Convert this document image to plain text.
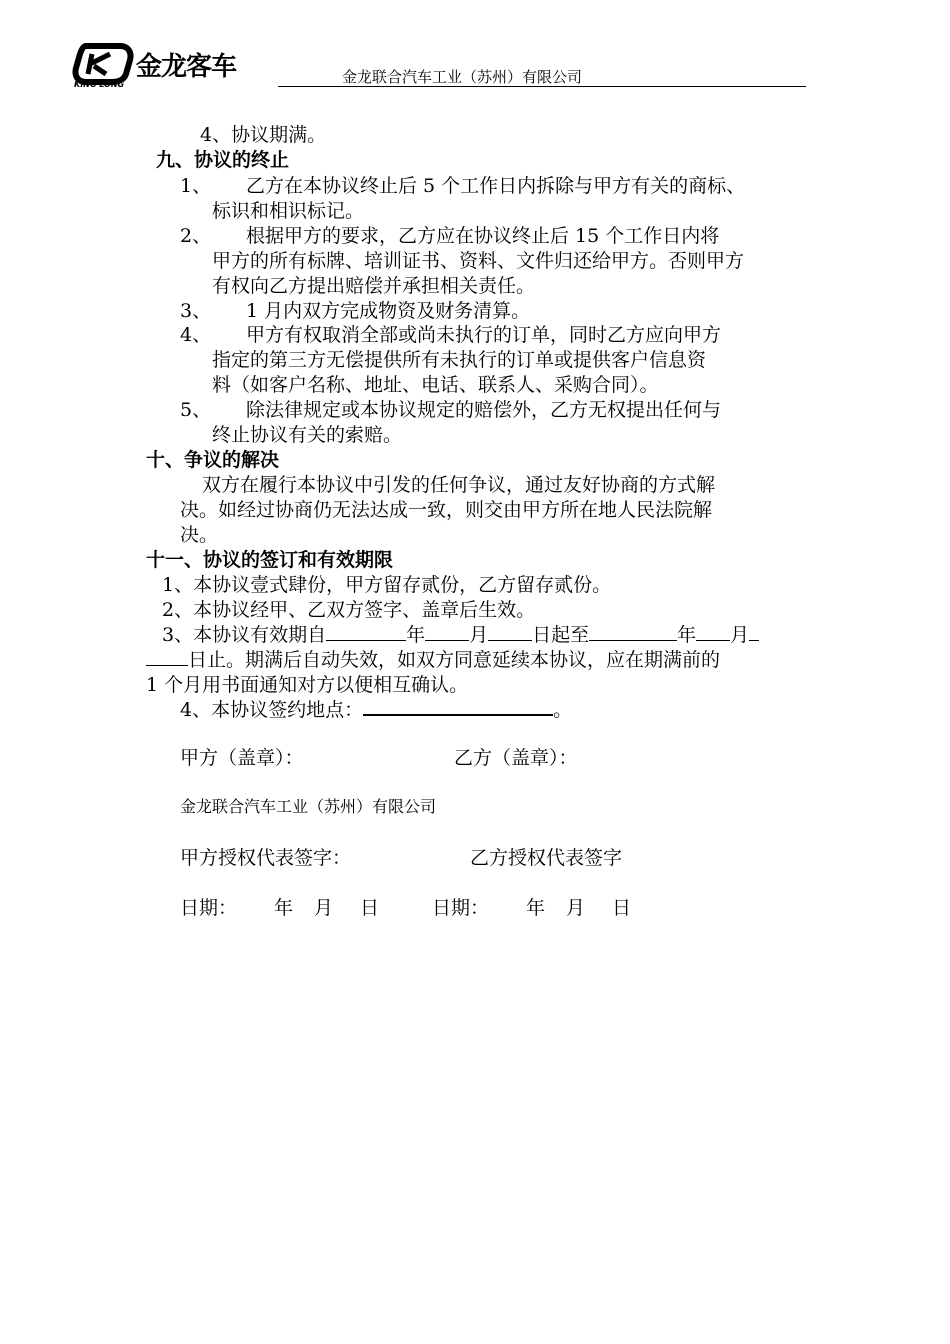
金龙客车
KING LONG	金龙联合汽车工业（苏州）有限公司
4、协议期满。
九、协议的终止
1、 乙方在本协议终止后 5 个工作日内拆除与甲方有关的商标、
标识和相识标记。
2、 根据甲方的要求，乙方应在协议终止后 15 个工作日内将
甲方的所有标牌、培训证书、资料、文件归还给甲方。否则甲方
有权向乙方提出赔偿并承担相关责任。
3、 1 月内双方完成物资及财务清算。
4、 甲方有权取消全部或尚未执行的订单，同时乙方应向甲方
指定的第三方无偿提供所有未执行的订单或提供客户信息资
料（如客户名称、地址、电话、联系人、采购合同）。
5、 除法律规定或本协议规定的赔偿外，乙方无权提出任何与
终止协议有关的索赔。
十、争议的解决
双方在履行本协议中引发的任何争议，通过友好协商的方式解
决。如经过协商仍无法达成一致，则交由甲方所在地人民法院解
决。
十一、协议的签订和有效期限
1、本协议壹式肆份，甲方留存贰份，乙方留存贰份。
2、本协议经甲、乙双方签字、盖章后生效。
3、本协议有效期自	年 月 日起至	年 月
日止。期满后自动失效，如双方同意延续本协议，应在期满前的
1 个月用书面通知对方以便相互确认。
4、本协议签约地点：	。
甲方（盖章）：	乙方（盖章）：
金龙联合汽车工业（苏州）有限公司
甲方授权代表签字：	乙方授权代表签字
日期： 年 月 日	日期： 年 月 日
